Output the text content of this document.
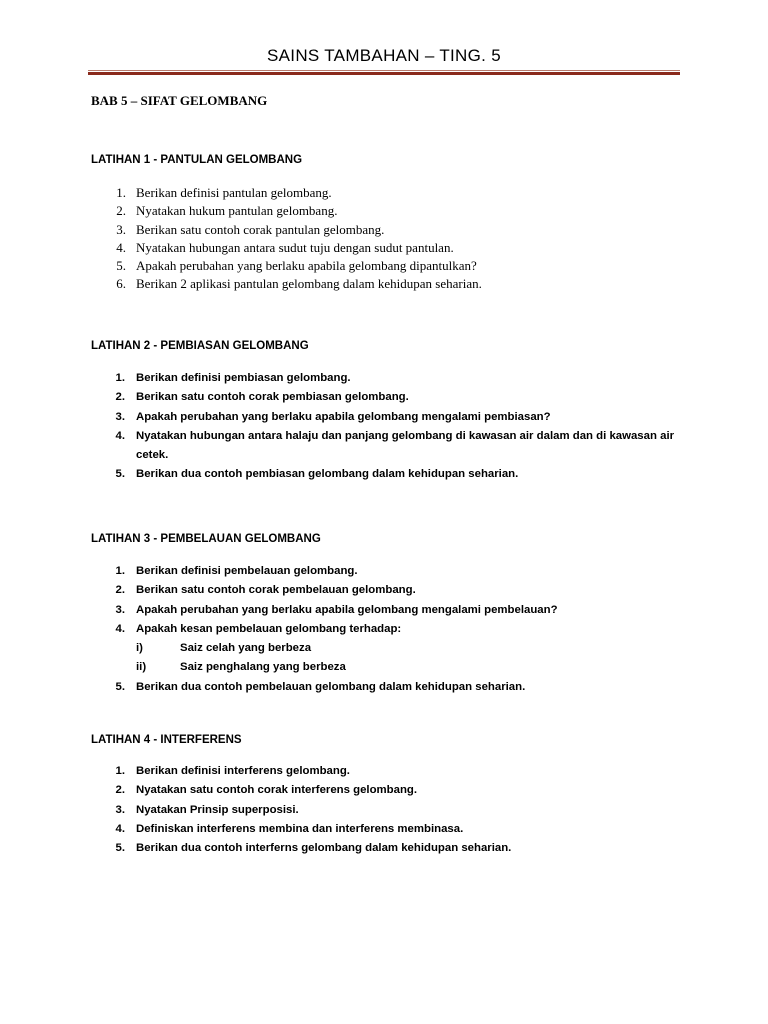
SAINS TAMBAHAN – TING. 5
BAB 5 – SIFAT GELOMBANG
LATIHAN 1 - PANTULAN GELOMBANG
1. Berikan definisi pantulan gelombang.
2. Nyatakan hukum pantulan gelombang.
3. Berikan satu contoh corak pantulan gelombang.
4. Nyatakan hubungan antara sudut tuju dengan sudut pantulan.
5. Apakah perubahan yang berlaku apabila gelombang dipantulkan?
6. Berikan 2 aplikasi pantulan gelombang dalam kehidupan seharian.
LATIHAN 2 - PEMBIASAN GELOMBANG
1. Berikan definisi pembiasan gelombang.
2. Berikan satu contoh corak pembiasan gelombang.
3. Apakah perubahan yang berlaku apabila gelombang mengalami pembiasan?
4. Nyatakan hubungan antara halaju dan panjang gelombang di kawasan air dalam dan di kawasan air cetek.
5. Berikan dua contoh pembiasan gelombang dalam kehidupan seharian.
LATIHAN 3 - PEMBELAUAN GELOMBANG
1. Berikan definisi pembelauan gelombang.
2. Berikan satu contoh corak pembelauan gelombang.
3. Apakah perubahan yang berlaku apabila gelombang mengalami pembelauan?
4. Apakah kesan pembelauan gelombang terhadap:
i)	Saiz celah yang berbeza
ii)	Saiz penghalang yang berbeza
5. Berikan dua contoh pembelauan gelombang dalam kehidupan seharian.
LATIHAN 4 - INTERFERENS
1. Berikan definisi interferens gelombang.
2. Nyatakan satu contoh corak interferens gelombang.
3. Nyatakan Prinsip superposisi.
4. Definiskan interferens membina dan interferens membinasa.
5. Berikan dua contoh interferns gelombang dalam kehidupan seharian.
